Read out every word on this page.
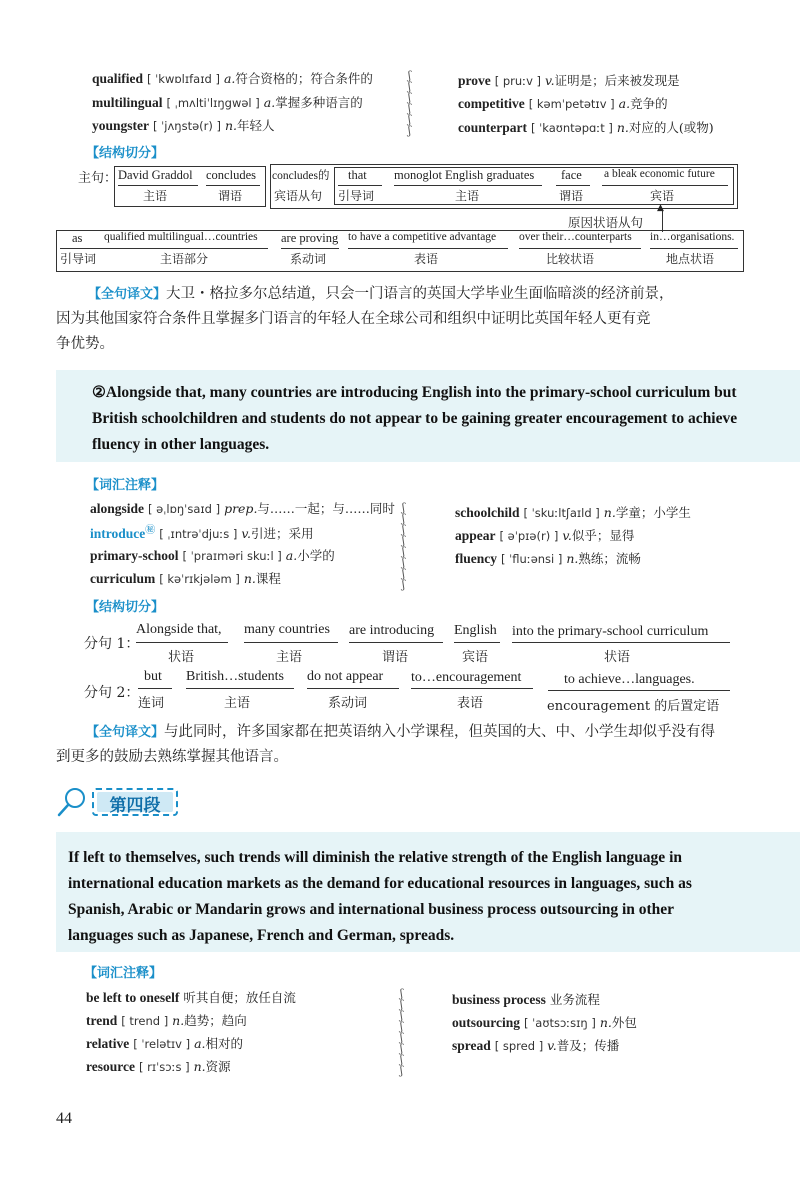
qualified [ ˈkwɒlɪfaɪd ] a.符合资格的；符合条件的
multilingual [ ˌmʌltiˈlɪŋgwəl ] a.掌握多种语言的
youngster [ ˈjʌŋstə(r) ] n.年轻人
ʃ
ʃ
ʃ
ʃ
ʃ
ʃ
prove [ pruːv ] v.证明是；后来被发现是
competitive [ kəmˈpetətɪv ] a.竞争的
counterpart [ ˈkaʊntəpɑːt ] n.对应的人(或物)
【结构切分】
主句： David Graddol
主语
concludes
谓语
concludes的
宾语从句
that
引导词
monoglot English graduates
主语
face
谓语
a bleak economic future
宾语
▲
原因状语从句
as
引导词
qualified multilingual…countries
主语部分
are proving
系动词
to have a competitive advantage
表语
over their…counterparts
比较状语
in…organisations.
地点状语
【全句译文】大卫・格拉多尔总结道，只会一门语言的英国大学毕业生面临暗淡的经济前景，
因为其他国家符合条件且掌握多门语言的年轻人在全球公司和组织中证明比英国年轻人更有竞
争优势。
②Alongside that, many countries are introducing English into the primary-school curriculum but
British schoolchildren and students do not appear to be gaining greater encouragement to achieve
fluency in other languages.
【词汇注释】
alongside [ əˌlɒŋˈsaɪd ] prep.与……一起；与……同时
introduce㊙ [ ˌɪntrəˈdjuːs ] v.引进；采用
primary-school [ ˈpraɪməri skuːl ] a.小学的
curriculum [ kəˈrɪkjələm ] n.课程
ʃ
ʃ
ʃ
ʃ
ʃ
ʃ
ʃ
ʃ
schoolchild [ ˈskuːltʃaɪld ] n.学童；小学生
appear [ əˈpɪə(r) ] v.似乎；显得
fluency [ ˈfluːənsi ] n.熟练；流畅
【结构切分】
分句 1：
Alongside that,
状语
many countries
主语
are introducing
谓语
English
宾语
into the primary-school curriculum
状语
分句 2：
but
连词
British…students
主语
do not appear
系动词
to…encouragement
表语
to achieve…languages.
encouragement 的后置定语
【全句译文】与此同时，许多国家都在把英语纳入小学课程，但英国的大、中、小学生却似乎没有得
到更多的鼓励去熟练掌握其他语言。
第四段
If left to themselves, such trends will diminish the relative strength of the English language in
international education markets as the demand for educational resources in languages, such as
Spanish, Arabic or Mandarin grows and international business process outsourcing in other
languages such as Japanese, French and German, spreads.
【词汇注释】
be left to oneself 听其自便；放任自流
trend [ trend ] n.趋势；趋向
relative [ ˈrelətɪv ] a.相对的
resource [ rɪˈsɔːs ] n.资源
ʃ
ʃ
ʃ
ʃ
ʃ
ʃ
ʃ
ʃ
business process 业务流程
outsourcing [ ˈaʊtsɔːsɪŋ ] n.外包
spread [ spred ] v.普及；传播
44
